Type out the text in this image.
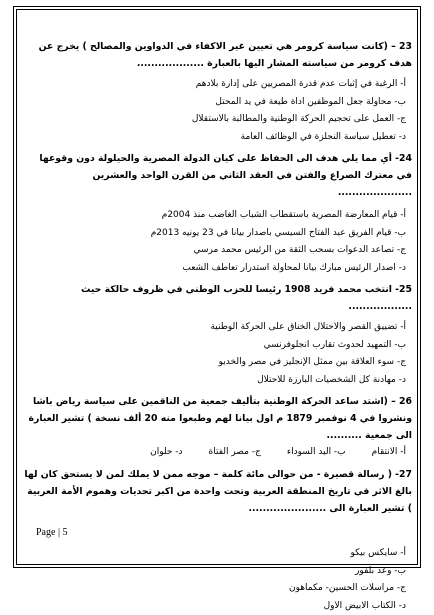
23 – (كانت سياسة كرومر هي تعيين غير الاكفاء في الدواوين والمصالح ) يخرج عن هدف كرومر من سياسته المشار اليها بالعبارة ...................

أ- الرغبة في إثبات عدم قدرة المصريين على إدارة بلادهم

ب- محاولة جعل الموظفين اداة طيعة في يد المحتل

ج- العمل على تحجيم الحركة الوطنية والمطالبة بالاستقلال

د- تعطيل سياسة النجلزة في الوظائف العامة

24- أي مما يلي هدف الى الحفاظ على كيان الدولة المصرية والحيلولة دون وقوعها في معترك الصراع والفتن في العقد الثاني من القرن الواحد والعشرين .....................

أ- قيام المعارضة المصرية باستقطاب الشباب الغاضب منذ 2004م

ب- قيام الفريق عبد الفتاح السيسي باصدار بيانا في 23 يونيه 2013م

ج- تصاعد الدعوات بسحب الثقة من الرئيس محمد مرسي

د- اصدار الرئيس مبارك بيانا لمحاولة استدرار تعاطف الشعب

25- انتخب محمد فريد 1908 رئيسا للحزب الوطني في ظروف حالكة حيث ..................

أ- تضييق القصر والاحتلال الخناق على الحركة الوطنية

ب- التمهيد لحدوث تقارب انجلوفرنسي

ج- سوء العلاقة بين ممثل الإنجليز في مصر والخديو

د- مهادنة كل الشخصيات البارزة للاحتلال

26 – (اشتد ساعد الحركة الوطنية بتأليف جمعية من الناقمين على سياسة رياض باشا ونشروا في 4 نوفمبر 1879 م اول بيانا لهم وطبعوا منه 20 ألف نسخة ) تشير العبارة الى جمعية ..........

أ- الانتقام
ب- اليد السوداء
ج- مصر الفتاة
د- حلوان

27- ( رسالة قصيرة - من حوالى مائة كلمة – موجه ممن لا يملك لمن لا يستحق كان لها بالغ الاثر في تاريخ المنطقة العربية وتحت واحدة من اكبر تحديات وهموم الأمة العربية ) تشير العبارة الى ......................

أ- سايكس بيكو

ب- وعد بلفور

ج- مراسلات الحسين- مكماهون

د- الكتاب الابيض الاول

Page | 5
